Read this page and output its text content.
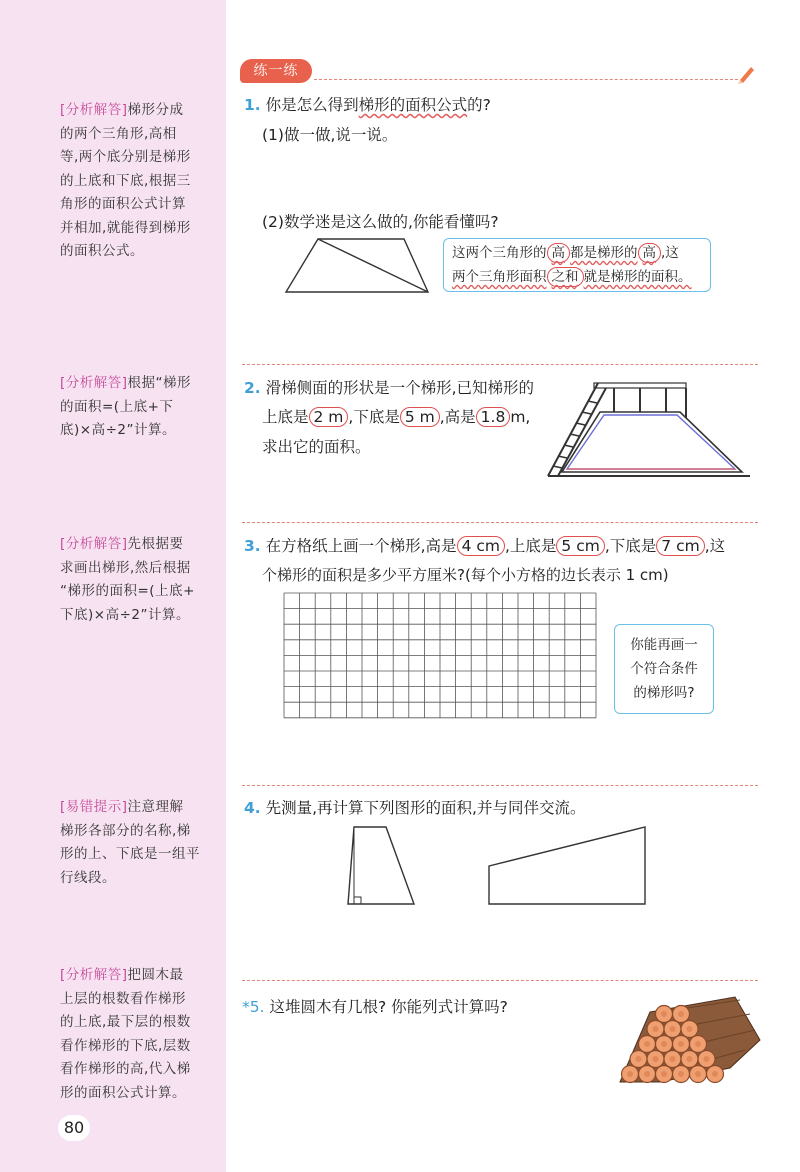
[分析解答]梯形分成
的两个三角形,高相
等,两个底分别是梯形
的上底和下底,根据三
角形的面积公式计算
并相加,就能得到梯形
的面积公式。
[分析解答]根据“梯形
的面积=(上底+下
底)×高÷2”计算。
[分析解答]先根据要
求画出梯形,然后根据
“梯形的面积=(上底+
下底)×高÷2”计算。
[易错提示]注意理解
梯形各部分的名称,梯
形的上、下底是一组平
行线段。
[分析解答]把圆木最
上层的根数看作梯形
的上底,最下层的根数
看作梯形的下底,层数
看作梯形的高,代入梯
形的面积公式计算。
80
练一练
1. 你是怎么得到梯形的面积公式的?
(1)做一做,说一说。
(2)数学迷是这么做的,你能看懂吗?
这两个三角形的 高 都是梯形的 高 ,这
两个三角形面积 之和 就是梯形的面积。
2. 滑梯侧面的形状是一个梯形,已知梯形的
上底是 2 m ,下底是 5 m ,高是 1.8 m,
求出它的面积。
3. 在方格纸上画一个梯形,高是 4 cm ,上底是 5 cm ,下底是 7 cm ,这
个梯形的面积是多少平方厘米?(每个小方格的边长表示 1 cm)
你能再画一
个符合条件
的梯形吗?
4. 先测量,再计算下列图形的面积,并与同伴交流。
*5. 这堆圆木有几根? 你能列式计算吗?
